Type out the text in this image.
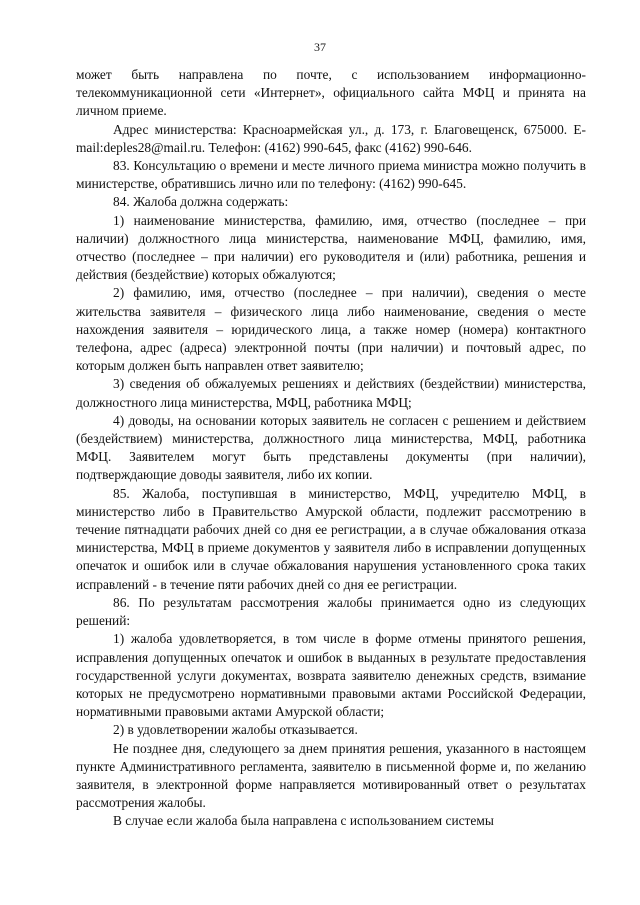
37

может быть направлена по почте, с использованием информационно-телекоммуникационной сети «Интернет», официального сайта МФЦ и принята на личном приеме.

Адрес министерства: Красноармейская ул., д. 173, г. Благовещенск, 675000. E-mail:deples28@mail.ru. Телефон: (4162) 990-645, факс (4162) 990-646.

83. Консультацию о времени и месте личного приема министра можно получить в министерстве, обратившись лично или по телефону: (4162) 990-645.

84. Жалоба должна содержать:

1) наименование министерства, фамилию, имя, отчество (последнее – при наличии) должностного лица министерства, наименование МФЦ, фамилию, имя, отчество (последнее – при наличии) его руководителя и (или) работника, решения и действия (бездействие) которых обжалуются;

2) фамилию, имя, отчество (последнее – при наличии), сведения о месте жительства заявителя – физического лица либо наименование, сведения о месте нахождения заявителя – юридического лица, а также номер (номера) контактного телефона, адрес (адреса) электронной почты (при наличии) и почтовый адрес, по которым должен быть направлен ответ заявителю;

3) сведения об обжалуемых решениях и действиях (бездействии) министерства, должностного лица министерства, МФЦ, работника МФЦ;

4) доводы, на основании которых заявитель не согласен с решением и действием (бездействием) министерства, должностного лица министерства, МФЦ, работника МФЦ. Заявителем могут быть представлены документы (при наличии), подтверждающие доводы заявителя, либо их копии.

85. Жалоба, поступившая в министерство, МФЦ, учредителю МФЦ, в министерство либо в Правительство Амурской области, подлежит рассмотрению в течение пятнадцати рабочих дней со дня ее регистрации, а в случае обжалования отказа министерства, МФЦ в приеме документов у заявителя либо в исправлении допущенных опечаток и ошибок или в случае обжалования нарушения установленного срока таких исправлений - в течение пяти рабочих дней со дня ее регистрации.

86. По результатам рассмотрения жалобы принимается одно из следующих решений:

1) жалоба удовлетворяется, в том числе в форме отмены принятого решения, исправления допущенных опечаток и ошибок в выданных в результате предоставления государственной услуги документах, возврата заявителю денежных средств, взимание которых не предусмотрено нормативными правовыми актами Российской Федерации, нормативными правовыми актами Амурской области;

2) в удовлетворении жалобы отказывается.

Не позднее дня, следующего за днем принятия решения, указанного в настоящем пункте Административного регламента, заявителю в письменной форме и, по желанию заявителя, в электронной форме направляется мотивированный ответ о результатах рассмотрения жалобы.

В случае если жалоба была направлена с использованием системы
